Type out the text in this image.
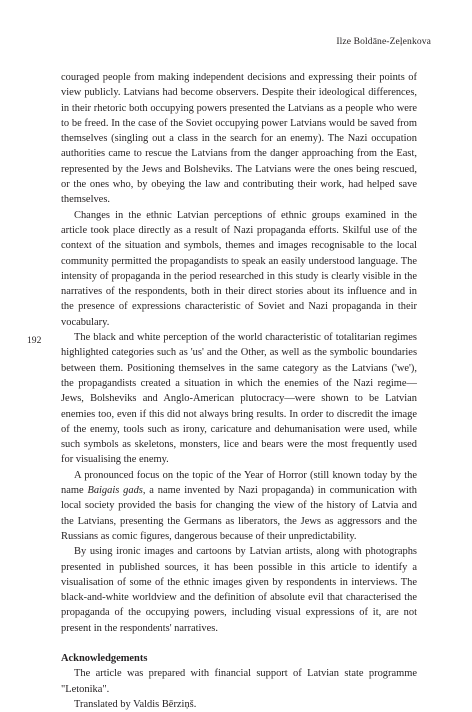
Ilze Boldāne-Zeļenkova
192

couraged people from making independent decisions and expressing their points of view publicly. Latvians had become observers. Despite their ideological differences, in their rhetoric both occupying powers presented the Latvians as a people who were to be freed. In the case of the Soviet occupying power Latvians would be saved from themselves (singling out a class in the search for an enemy). The Nazi occupation authorities came to rescue the Latvians from the danger approaching from the East, represented by the Jews and Bolsheviks. The Latvians were the ones being rescued, or the ones who, by obeying the law and contributing their work, had helped save themselves.

Changes in the ethnic Latvian perceptions of ethnic groups examined in the article took place directly as a result of Nazi propaganda efforts. Skilful use of the context of the situation and symbols, themes and images recognisable to the local community permitted the propagandists to speak an easily understood language. The intensity of propaganda in the period researched in this study is clearly visible in the narratives of the respondents, both in their direct stories about its influence and in the presence of expressions characteristic of Soviet and Nazi propaganda in their vocabulary.

The black and white perception of the world characteristic of totalitarian regimes highlighted categories such as 'us' and the Other, as well as the symbolic boundaries between them. Positioning themselves in the same category as the Latvians ('we'), the propagandists created a situation in which the enemies of the Nazi regime—Jews, Bolsheviks and Anglo-American plutocracy—were shown to be Latvian enemies too, even if this did not always bring results. In order to discredit the image of the enemy, tools such as irony, caricature and dehumanisation were used, while such symbols as skeletons, monsters, lice and bears were the most frequently used for visualising the enemy.

A pronounced focus on the topic of the Year of Horror (still known today by the name Baigais gads, a name invented by Nazi propaganda) in communication with local society provided the basis for changing the view of the history of Latvia and the Latvians, presenting the Germans as liberators, the Jews as aggressors and the Russians as comic figures, dangerous because of their unpredictability.

By using ironic images and cartoons by Latvian artists, along with photographs presented in published sources, it has been possible in this article to identify a visualisation of some of the ethnic images given by respondents in interviews. The black-and-white worldview and the definition of absolute evil that characterised the propaganda of the occupying powers, including visual expressions of it, are not present in the respondents' narratives.

Acknowledgements

The article was prepared with financial support of Latvian state programme "Letonika".

Translated by Valdis Bērziņš.
